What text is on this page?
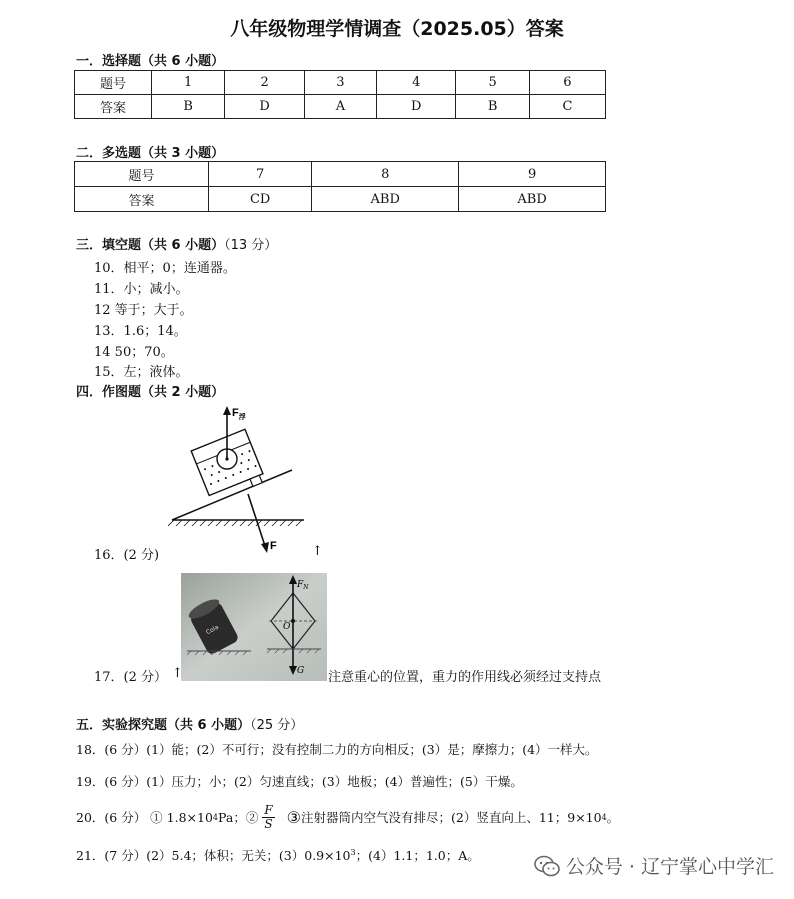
八年级物理学情调查（2025.05）答案
一．选择题（共 6 小题）
题号	1	2	3	4	5	6
答案	B	D	A	D	B	C
二．多选题（共 3 小题）
题号	7	8	9
答案	CD	ABD	ABD
三．填空题（共 6 小题）（13 分）
10．相平；0；连通器。
11．小；减小。
12 等于；大于。
13．1.6；14。
14 50；70。
15．左；液体。
四．作图题（共 2 小题）
$F_浮$
F
16．(2 分)	↑
Cola
$F_N$
O
G
17．(2 分） ↑	注意重心的位置，重力的作用线必须经过支持点
五．实验探究题（共 6 小题）（25 分）
18．(6 分）(1）能；(2）不可行；没有控制二力的方向相反；(3）是；摩擦力；(4）一样大。
19．(6 分）(1）压力；小；(2）匀速直线；(3）地板；(4）普遍性；(5）干燥。
20．(6 分） ① 1.8×10 4 Pa；② $\frac{F}{S}$ ③ 注射器筒内空气没有排尽；(2）竖直向上、11；9×10 4 。
21．(7 分）(2）5.4；体积；无关；$(3)0.9\times 10^3$；(4）1.1；1.0；A。
公众号 · 辽宁掌心中学汇
